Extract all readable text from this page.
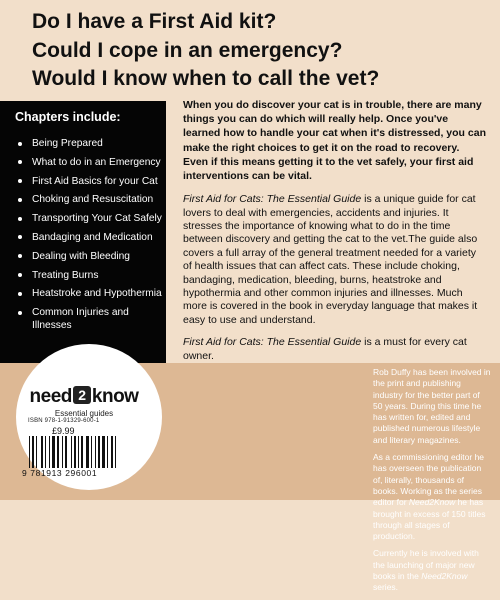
Do I have a First Aid kit?
Could I cope in an emergency?
Would I know when to call the vet?
Chapters include:
Being Prepared
What to do in an Emergency
First Aid Basics for your Cat
Choking and Resuscitation
Transporting Your Cat Safely
Bandaging and Medication
Dealing with Bleeding
Treating Burns
Heatstroke and Hypothermia
Common Injuries and Illnesses

When you do discover your cat is in trouble, there are many things you can do which will really help. Once you've learned how to handle your cat when it's distressed, you can make the right choices to get it on the road to recovery. Even if this means getting it to the vet safely, your first aid interventions can be vital.

First Aid for Cats: The Essential Guide is a unique guide for cat lovers to deal with emergencies, accidents and injuries. It stresses the importance of knowing what to do in the time between discovery and getting the cat to the vet.The guide also covers a full array of the general treatment needed for a variety of health issues that can affect cats. These include choking, bandaging, medication, bleeding, burns, heatstroke and hypothermia and other common injuries and illnesses. Much more is covered in the book in everyday language that makes it easy to use and understand.

First Aid for Cats: The Essential Guide is a must for every cat owner.

Rob Duffy has been involved in the print and publishing industry for the better part of 50 years. During this time he has written for, edited and published numerous lifestyle and literary magazines.

As a commissioning editor he has overseen the publication of, literally, thousands of books. Working as the series editor for Need2Know he has brought in excess of 150 titles through all stages of production.

Currently he is involved with the launching of major new books in the Need2Know series.

need 2 know
Essential guides
ISBN 978-1-91329-600-1
£9.99
9 781913 296001
